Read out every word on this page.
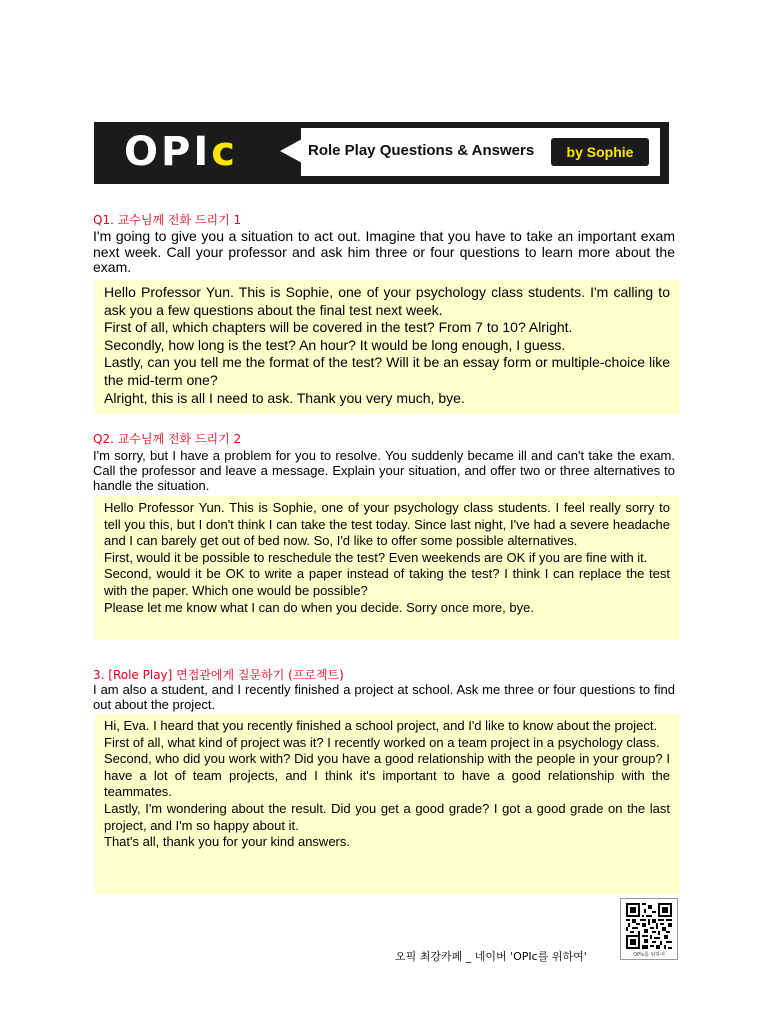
OPIc	Role Play Questions & Answers	by Sophie
Q1. 교수님께 전화 드리기 1
I'm going to give you a situation to act out. Imagine that you have to take an important exam next week. Call your professor and ask him three or four questions to learn more about the exam.

Hello Professor Yun. This is Sophie, one of your psychology class students. I'm calling to ask you a few questions about the final test next week.

First of all, which chapters will be covered in the test? From 7 to 10? Alright.

Secondly, how long is the test? An hour? It would be long enough, I guess.

Lastly, can you tell me the format of the test? Will it be an essay form or multiple-choice like the mid-term one?

Alright, this is all I need to ask. Thank you very much, bye.

Q2. 교수님께 전화 드리기 2
I'm sorry, but I have a problem for you to resolve. You suddenly became ill and can't take the exam. Call the professor and leave a message. Explain your situation, and offer two or three alternatives to handle the situation.

Hello Professor Yun. This is Sophie, one of your psychology class students. I feel really sorry to tell you this, but I don't think I can take the test today. Since last night, I've had a severe headache and I can barely get out of bed now. So, I'd like to offer some possible alternatives.

First, would it be possible to reschedule the test? Even weekends are OK if you are fine with it.

Second, would it be OK to write a paper instead of taking the test? I think I can replace the test with the paper. Which one would be possible?

Please let me know what I can do when you decide. Sorry once more, bye.

3. [Role Play] 면접관에게 질문하기 (프로젝트)
I am also a student, and I recently finished a project at school. Ask me three or four questions to find out about the project.

Hi, Eva. I heard that you recently finished a school project, and I'd like to know about the project.

First of all, what kind of project was it? I recently worked on a team project in a psychology class.

Second, who did you work with? Did you have a good relationship with the people in your group? I have a lot of team projects, and I think it's important to have a good relationship with the teammates.

Lastly, I'm wondering about the result. Did you get a good grade? I got a good grade on the last project, and I'm so happy about it.

That's all, thank you for your kind answers.

OPIc를 위하여
오픽 최강카페 _ 네이버 'OPIc를 위하여'
